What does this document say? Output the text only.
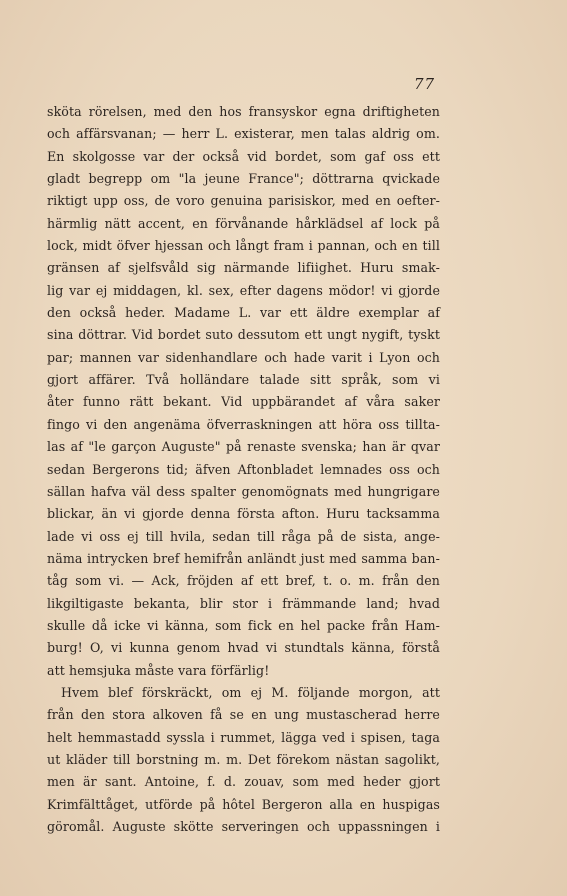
77
sköta rörelsen, med den hos fransyskor egna driftigheten
och affärsvanan; — herr L. existerar, men talas aldrig om.
En skolgosse var der också vid bordet, som gaf oss ett
gladt begrepp om "la jeune France"; döttrarna qvickade
riktigt upp oss, de voro genuina parisiskor, med en oefter-
härmlig nätt accent, en förvånande hårklädsel af lock på
lock, midt öfver hjessan och långt fram i pannan, och en till
gränsen af sjelfsvåld sig närmande lifiighet. Huru smak-
lig var ej middagen, kl. sex, efter dagens mödor! vi gjorde
den också heder. Madame L. var ett äldre exemplar af
sina döttrar. Vid bordet suto dessutom ett ungt nygift, tyskt
par; mannen var sidenhandlare och hade varit i Lyon och
gjort affärer. Två holländare talade sitt språk, som vi
åter funno rätt bekant. Vid uppbärandet af våra saker
fingo vi den angenäma öfverraskningen att höra oss tillta-
las af "le garçon Auguste" på renaste svenska; han är qvar
sedan Bergerons tid; äfven Aftonbladet lemnades oss och
sällan hafva väl dess spalter genomögnats med hungrigare
blickar, än vi gjorde denna första afton. Huru tacksamma
lade vi oss ej till hvila, sedan till råga på de sista, ange-
näma intrycken bref hemifrån anländt just med samma ban-
tåg som vi. — Ack, fröjden af ett bref, t. o. m. från den
likgiltigaste bekanta, blir stor i främmande land; hvad
skulle då icke vi känna, som fick en hel packe från Ham-
burg! O, vi kunna genom hvad vi stundtals känna, förstå
att hemsjuka måste vara förfärlig!
Hvem blef förskräckt, om ej M. följande morgon, att
från den stora alkoven få se en ung mustascherad herre
helt hemmastadd syssla i rummet, lägga ved i spisen, taga
ut kläder till borstning m. m. Det förekom nästan sagolikt,
men är sant. Antoine, f. d. zouav, som med heder gjort
Krimfälttåget, utförde på hôtel Bergeron alla en huspigas
göromål. Auguste skötte serveringen och uppassningen i
